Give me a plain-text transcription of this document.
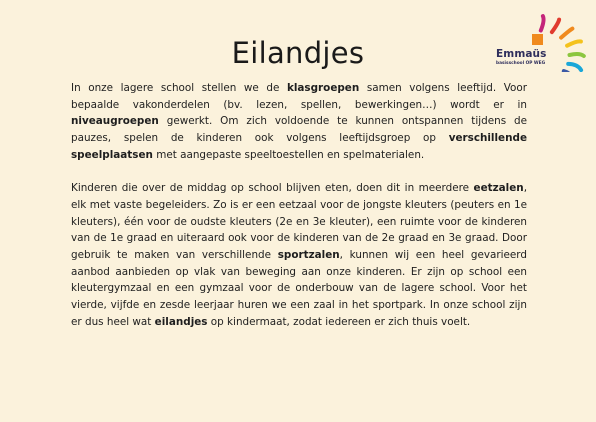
Eilandjes	Emmaüs
basisschool OP WEG

In onze lagere school stellen we de klasgroepen samen volgens leeftijd. Voor bepaalde vakonderdelen (bv. lezen, spellen, bewerkingen…) wordt er in niveaugroepen gewerkt. Om zich voldoende te kunnen ontspannen tijdens de pauzes, spelen de kinderen ook volgens leeftijdsgroep op verschillende speelplaatsen met aangepaste speeltoestellen en spelmaterialen.

Kinderen die over de middag op school blijven eten, doen dit in meerdere eetzalen, elk met vaste begeleiders. Zo is er een eetzaal voor de jongste kleuters (peuters en 1e kleuters), één voor de oudste kleuters (2e en 3e kleuter), een ruimte voor de kinderen van de 1e graad en uiteraard ook voor de kinderen van de 2e graad en 3e graad. Door gebruik te maken van verschillende sportzalen, kunnen wij een heel gevarieerd aanbod aanbieden op vlak van beweging aan onze kinderen. Er zijn op school een kleutergymzaal en een gymzaal voor de onderbouw van de lagere school. Voor het vierde, vijfde en zesde leerjaar huren we een zaal in het sportpark. In onze school zijn er dus heel wat eilandjes op kindermaat, zodat iedereen er zich thuis voelt.
